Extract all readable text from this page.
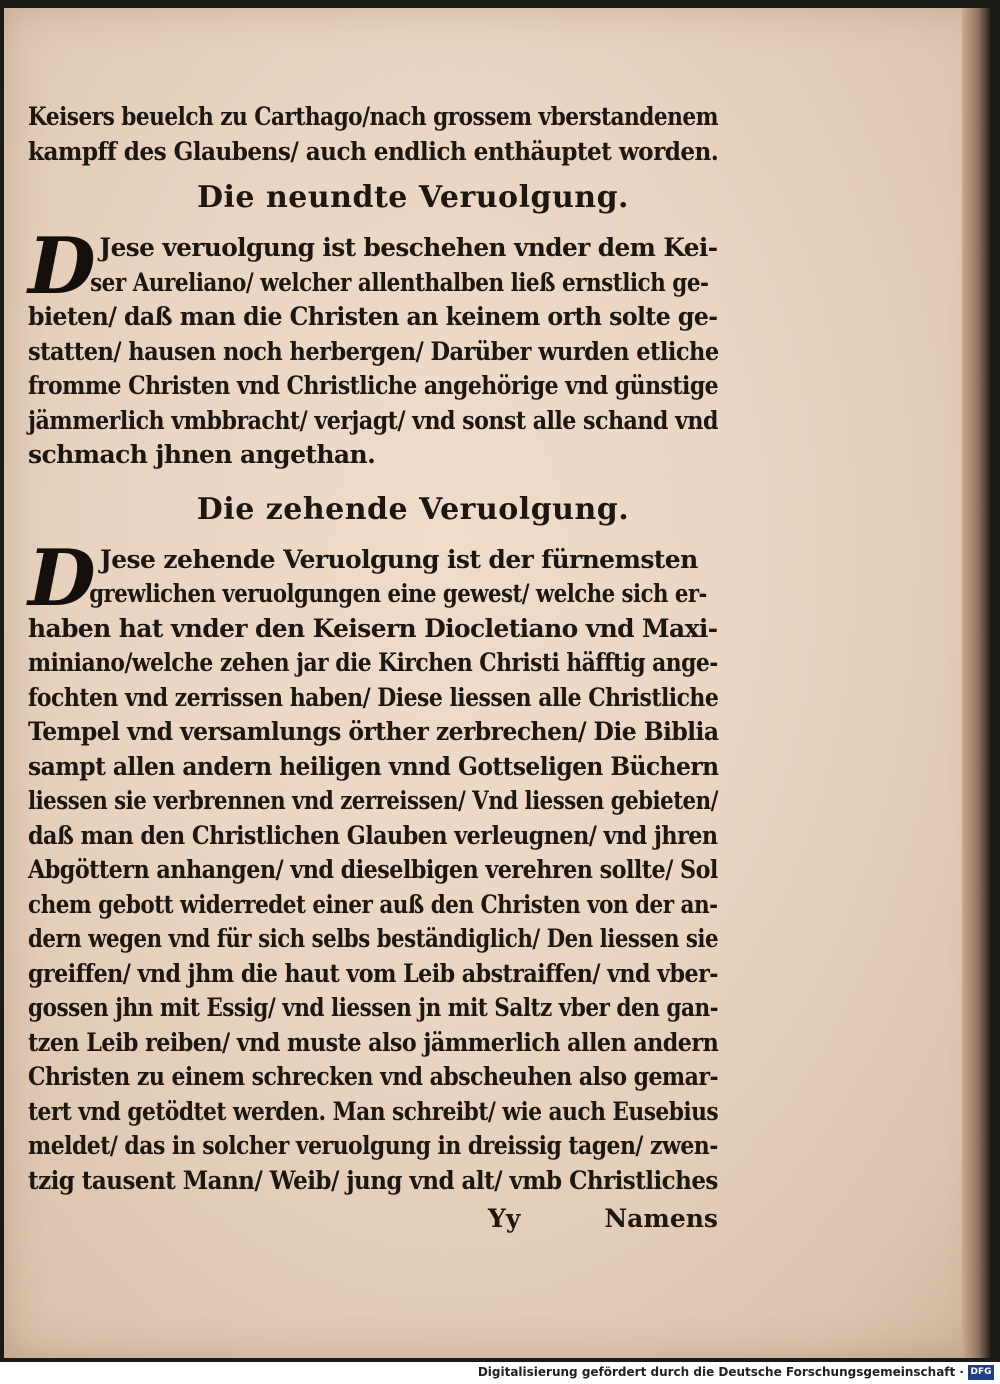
Keisers beuelch zu Carthago/nach grossem vberstandenem
kampff des Glaubens/ auch endlich enthäuptet worden.
Die neundte Veruolgung.
D Jese veruolgung ist beschehen vnder dem Kei-
ser Aureliano/ welcher allenthalben ließ ernstlich ge-
bieten/ daß man die Christen an keinem orth solte ge-
statten/ hausen noch herbergen/ Darüber wurden etliche
fromme Christen vnd Christliche angehörige vnd günstige
jämmerlich vmbbracht/ verjagt/ vnd sonst alle schand vnd
schmach jhnen angethan.
Die zehende Veruolgung.
D Jese zehende Veruolgung ist der fürnemsten
grewlichen veruolgungen eine gewest/ welche sich er-
haben hat vnder den Keisern Diocletiano vnd Maxi-
miniano/welche zehen jar die Kirchen Christi häfftig ange-
fochten vnd zerrissen haben/ Diese liessen alle Christliche
Tempel vnd versamlungs örther zerbrechen/ Die Biblia
sampt allen andern heiligen vnnd Gottseligen Büchern
liessen sie verbrennen vnd zerreissen/ Vnd liessen gebieten/
daß man den Christlichen Glauben verleugnen/ vnd jhren
Abgöttern anhangen/ vnd dieselbigen verehren sollte/ Sol
chem gebott widerredet einer auß den Christen von der an-
dern wegen vnd für sich selbs beständiglich/ Den liessen sie
greiffen/ vnd jhm die haut vom Leib abstraiffen/ vnd vber-
gossen jhn mit Essig/ vnd liessen jn mit Saltz vber den gan-
tzen Leib reiben/ vnd muste also jämmerlich allen andern
Christen zu einem schrecken vnd abscheuhen also gemar-
tert vnd getödtet werden. Man schreibt/ wie auch Eusebius
meldet/ das in solcher veruolgung in dreissig tagen/ zwen-
tzig tausent Mann/ Weib/ jung vnd alt/ vmb Christliches
Yy	Namens
Digitalisierung gefördert durch die Deutsche Forschungsgemeinschaft · DFG
